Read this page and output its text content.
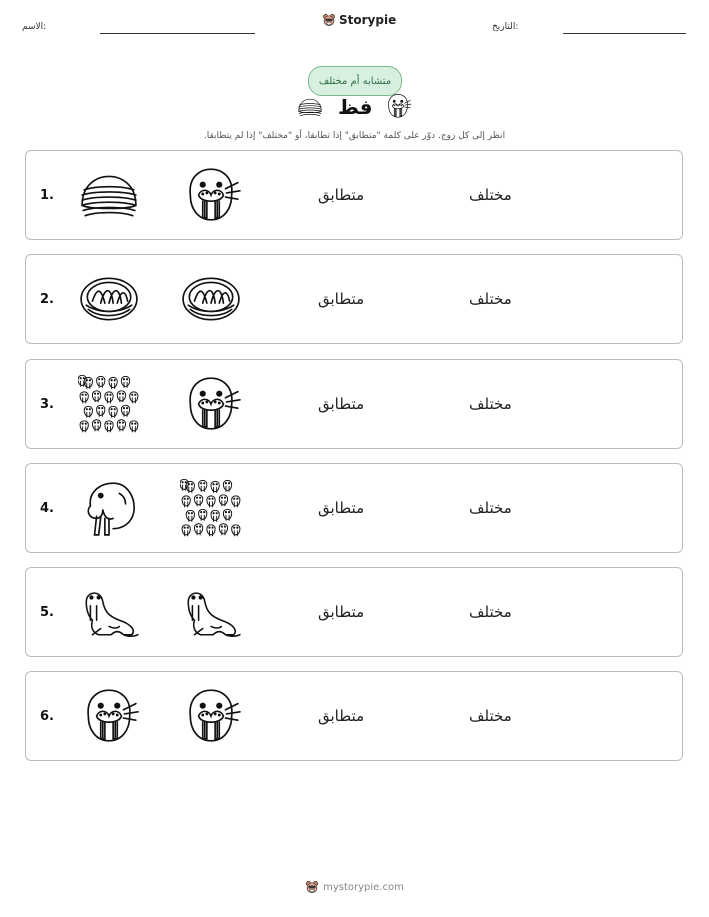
الاسم:	Storypie	التاريخ:
متشابه أم مختلف
فظ
انظر إلى كل زوج. دوّر على كلمة "متطابق" إذا تطابقا، أو "مختلف" إذا لم يتطابقا.
1.	متطابق	مختلف
2.	متطابق	مختلف
3.	متطابق	مختلف
4.	متطابق	مختلف
5.	متطابق	مختلف
6.	متطابق	مختلف
mystorypie.com
